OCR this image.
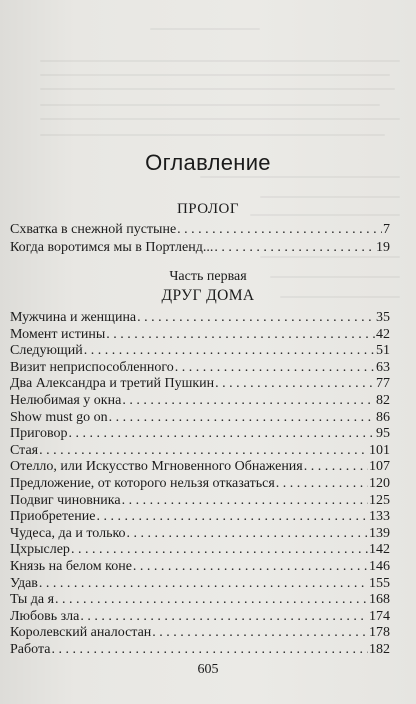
Оглавление
ПРОЛОГ
Схватка в снежной пустыне . . .	7
Когда воротимся мы в Портленд... . . .	19
Часть первая
ДРУГ ДОМА
Мужчина и женщина . . .	35
Момент истины . . .	42
Следующий . . .	51
Визит неприспособленного . . .	63
Два Александра и третий Пушкин . . .	77
Нелюбимая у окна . . .	82
Show must go on . . .	86
Приговор . . .	95
Стая . . .	101
Отелло, или Искусство Мгновенного Обнажения . . .	107
Предложение, от которого нельзя отказаться . . .	120
Подвиг чиновника . . .	125
Приобретение . . .	133
Чудеса, да и только . . .	139
Цхрыслер . . .	142
Князь на белом коне . . .	146
Удав . . .	155
Ты да я . . .	168
Любовь зла . . .	174
Королевский аналостан . . .	178
Работа . . .	182
605
